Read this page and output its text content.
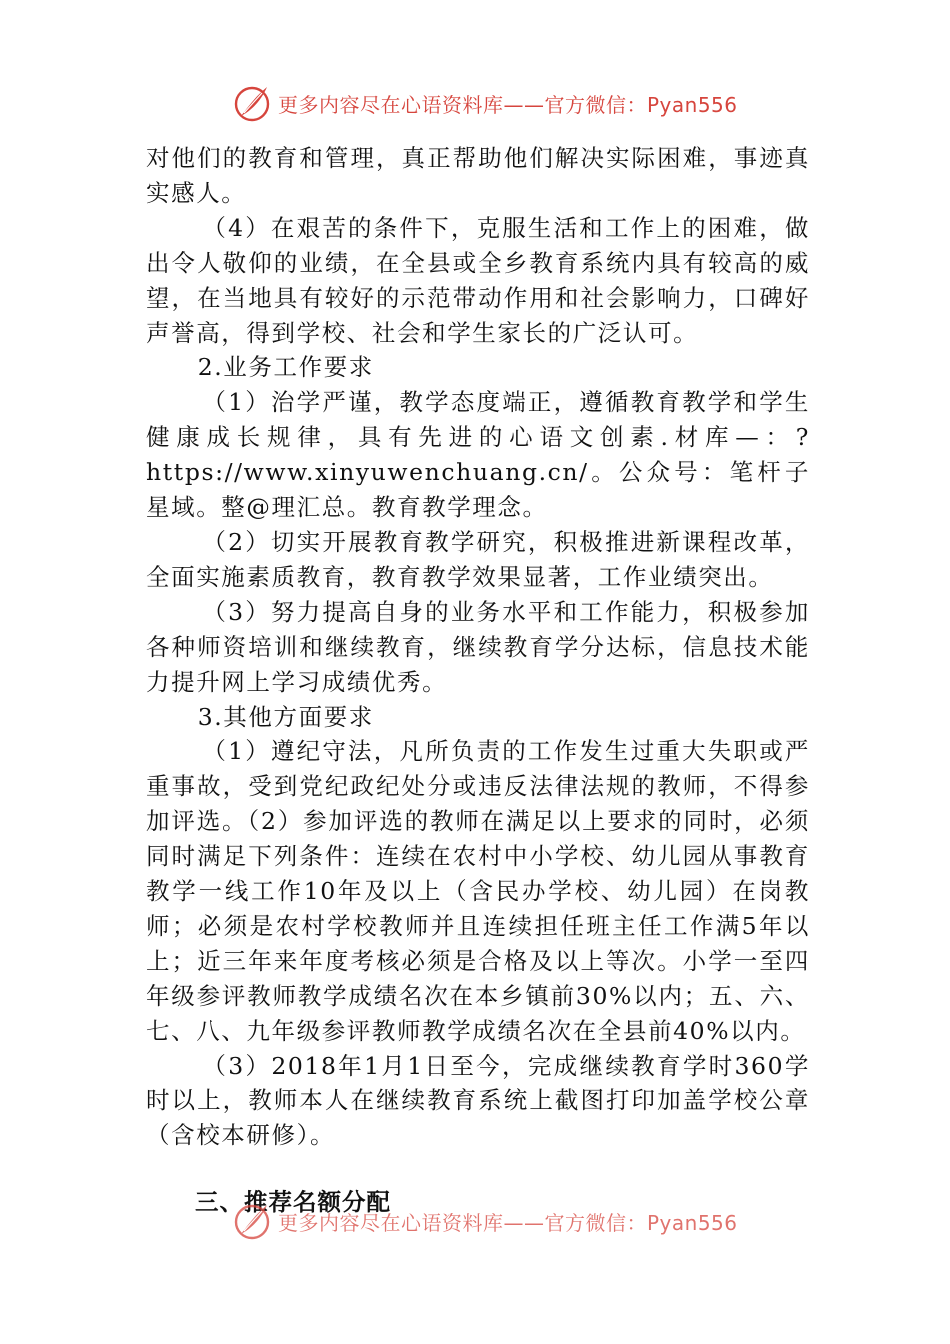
更多内容尽在心语资料库——官方微信：Pyan556

对他们的教育和管理，真正帮助他们解决实际困难，事迹真实感人。

（4）在艰苦的条件下，克服生活和工作上的困难，做出令人敬仰的业绩，在全县或全乡教育系统内具有较高的威望，在当地具有较好的示范带动作用和社会影响力，口碑好声誉高，得到学校、社会和学生家长的广泛认可。

2.业务工作要求

（1）治学严谨，教学态度端正，遵循教育教学和学生健康成长规律，具有先进的心语文创素.材库—：?https://www.xinyuwenchuang.cn/。公众号：笔杆子星域。整@理汇总。教育教学理念。

（2）切实开展教育教学研究，积极推进新课程改革，全面实施素质教育，教育教学效果显著，工作业绩突出。

（3）努力提高自身的业务水平和工作能力，积极参加各种师资培训和继续教育，继续教育学分达标，信息技术能力提升网上学习成绩优秀。

3.其他方面要求

（1）遵纪守法，凡所负责的工作发生过重大失职或严重事故，受到党纪政纪处分或违反法律法规的教师，不得参加评选。（2）参加评选的教师在满足以上要求的同时，必须同时满足下列条件：连续在农村中小学校、幼儿园从事教育教学一线工作10年及以上（含民办学校、幼儿园）在岗教师；必须是农村学校教师并且连续担任班主任工作满5年以上；近三年来年度考核必须是合格及以上等次。小学一至四年级参评教师教学成绩名次在本乡镇前30%以内；五、六、七、八、九年级参评教师教学成绩名次在全县前40%以内。

（3）2018年1月1日至今，完成继续教育学时360学时以上，教师本人在继续教育系统上截图打印加盖学校公章（含校本研修）。

三、推荐名额分配
更多内容尽在心语资料库——官方微信：Pyan556
